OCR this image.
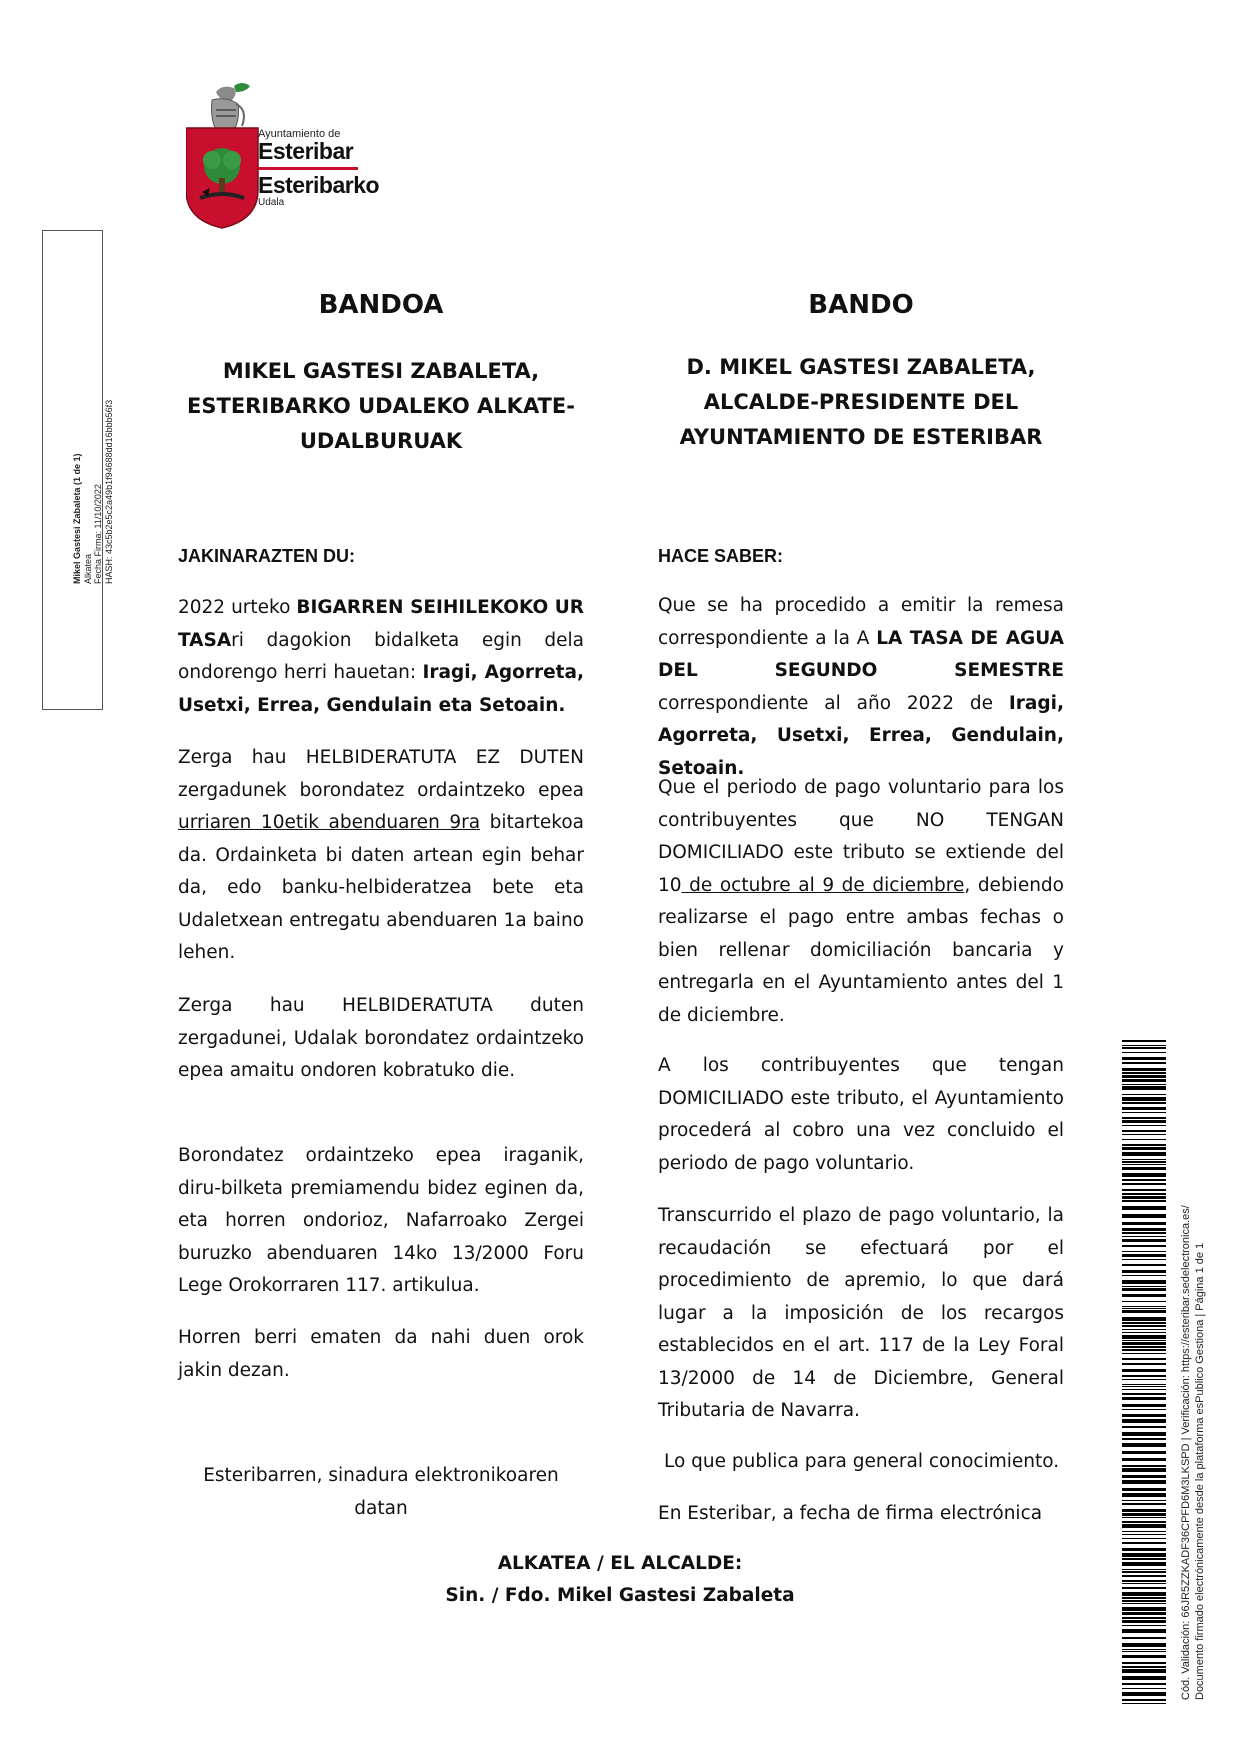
Ayuntamiento de
Esteribar
Esteribarko
Udala
Mikel Gastesi Zabaleta (1 de 1) Alkatea Fecha Firma: 11/10/2022 HASH: 43c5b2e5c2a49b1f94688dd16bbb56f3
BANDOA
MIKEL GASTESI ZABALETA,
ESTERIBARKO UDALEKO ALKATE-
UDALBURUAK
JAKINARAZTEN DU:
2022 urteko BIGARREN SEIHILEKOKO UR TASAri dagokion bidalketa egin dela ondorengo herri hauetan: Iragi, Agorreta, Usetxi, Errea, Gendulain eta Setoain.
Zerga hau HELBIDERATUTA EZ DUTEN zergadunek borondatez ordaintzeko epea urriaren 10etik abenduaren 9ra bitartekoa da. Ordainketa bi daten artean egin behar da, edo banku-helbideratzea bete eta Udaletxean entregatu abenduaren 1a baino lehen.
Zerga hau HELBIDERATUTA duten zergadunei, Udalak borondatez ordaintzeko epea amaitu ondoren kobratuko die.
Borondatez ordaintzeko epea iraganik, diru-bilketa premiamendu bidez eginen da, eta horren ondorioz, Nafarroako Zergei buruzko abenduaren 14ko 13/2000 Foru Lege Orokorraren 117. artikulua.
Horren berri ematen da nahi duen orok jakin dezan.
Esteribarren, sinadura elektronikoaren
datan
BANDO
D. MIKEL GASTESI ZABALETA,
ALCALDE-PRESIDENTE DEL
AYUNTAMIENTO DE ESTERIBAR
HACE SABER:
Que se ha procedido a emitir la remesa correspondiente a la A LA TASA DE AGUA DEL SEGUNDO SEMESTRE correspondiente al año 2022 de Iragi, Agorreta, Usetxi, Errea, Gendulain, Setoain.
Que el periodo de pago voluntario para los contribuyentes que NO TENGAN DOMICILIADO este tributo se extiende del 10 de octubre al 9 de diciembre, debiendo realizarse el pago entre ambas fechas o bien rellenar domiciliación bancaria y entregarla en el Ayuntamiento antes del 1 de diciembre.
A los contribuyentes que tengan DOMICILIADO este tributo, el Ayuntamiento procederá al cobro una vez concluido el periodo de pago voluntario.
Transcurrido el plazo de pago voluntario, la recaudación se efectuará por el procedimiento de apremio, lo que dará lugar a la imposición de los recargos establecidos en el art. 117 de la Ley Foral 13/2000 de 14 de Diciembre, General Tributaria de Navarra.
Lo que publica para general conocimiento.
En Esteribar, a fecha de firma electrónica
ALKATEA / EL ALCALDE:
Sin. / Fdo. Mikel Gastesi Zabaleta	Cód. Validación: 66JR5ZZKADF36CPFD6M3LKSPD | Verificación: https://esteribar.sedelectronica.es/ Documento firmado electrónicamente desde la plataforma esPublico Gestiona | Página 1 de 1
